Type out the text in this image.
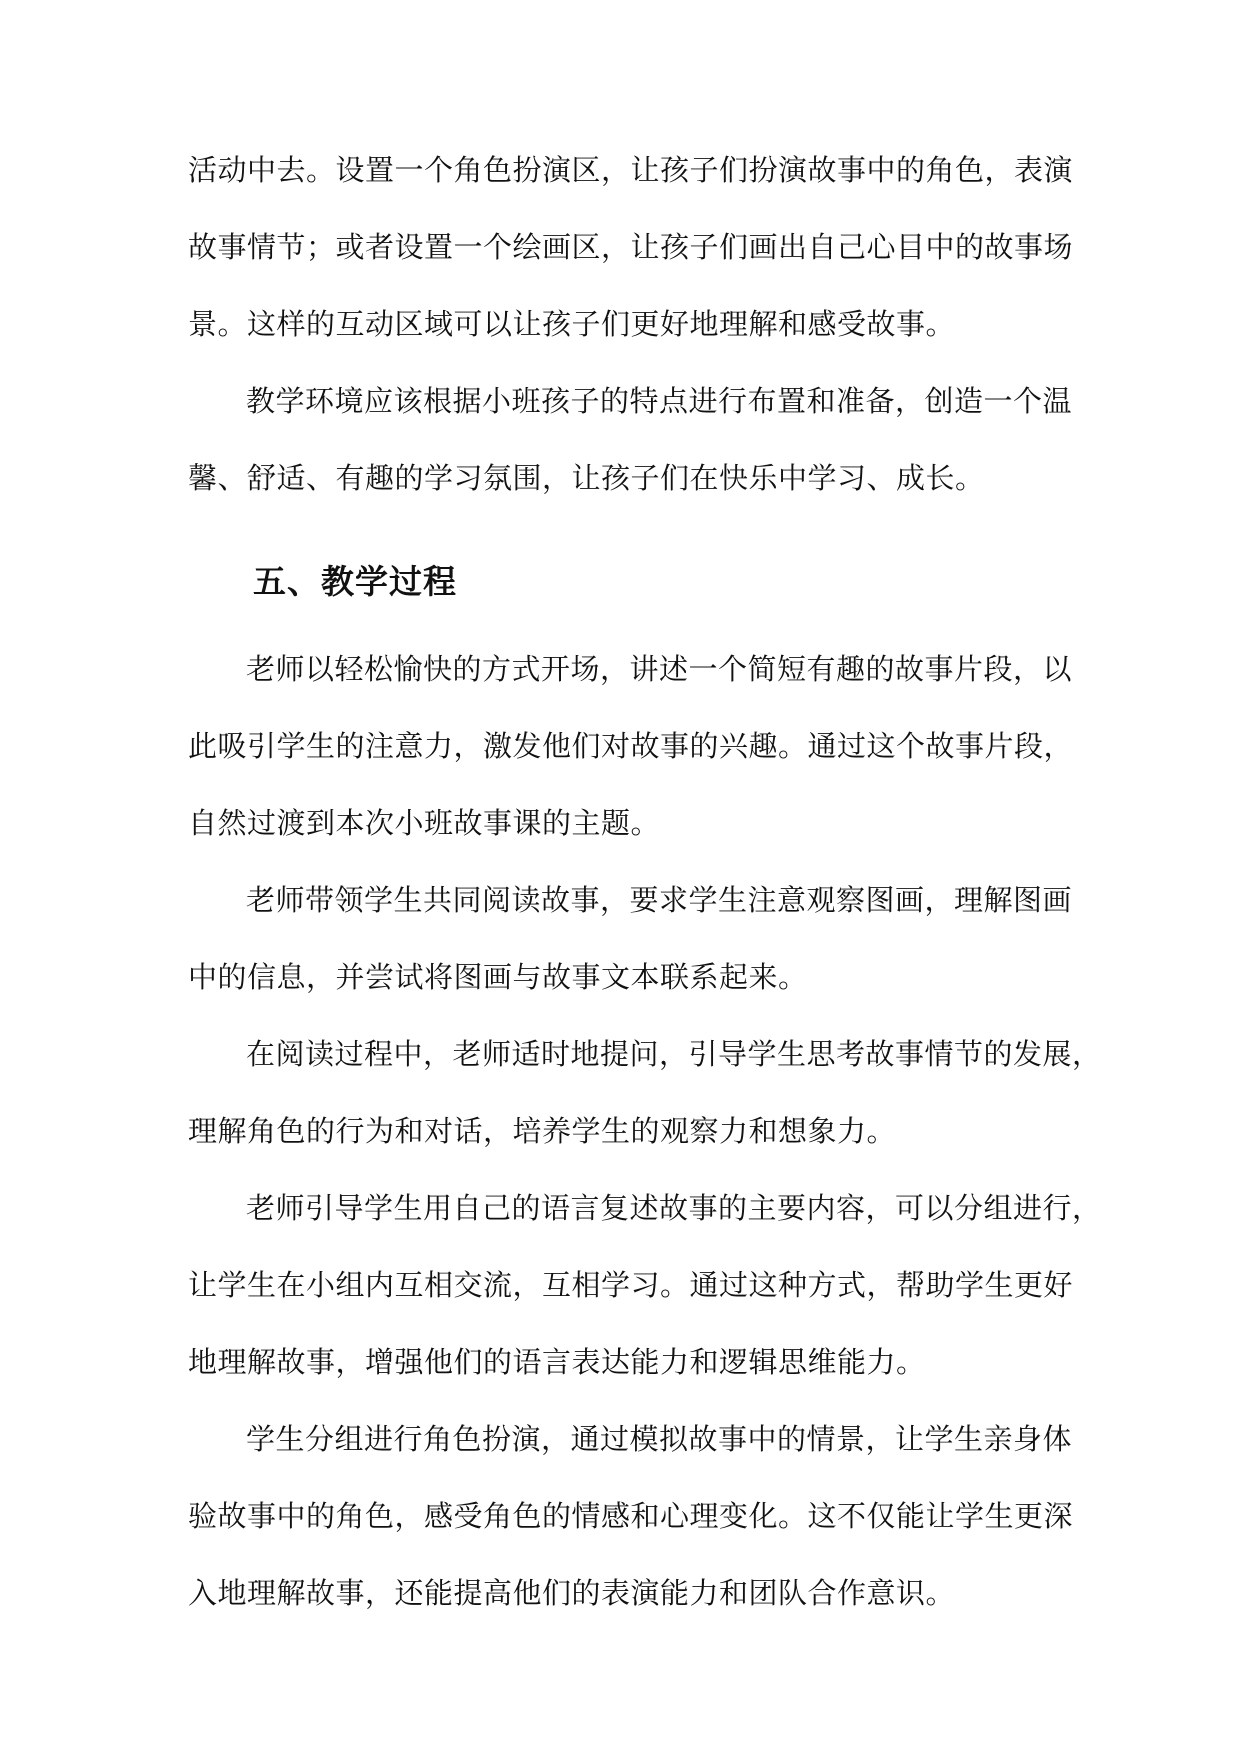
活动中去。设置一个角色扮演区，让孩子们扮演故事中的角色，表演
故事情节；或者设置一个绘画区，让孩子们画出自己心目中的故事场
景。这样的互动区域可以让孩子们更好地理解和感受故事。
教学环境应该根据小班孩子的特点进行布置和准备，创造一个温
馨、舒适、有趣的学习氛围，让孩子们在快乐中学习、成长。
五、教学过程
老师以轻松愉快的方式开场，讲述一个简短有趣的故事片段，以
此吸引学生的注意力，激发他们对故事的兴趣。通过这个故事片段，
自然过渡到本次小班故事课的主题。
老师带领学生共同阅读故事，要求学生注意观察图画，理解图画
中的信息，并尝试将图画与故事文本联系起来。
在阅读过程中，老师适时地提问，引导学生思考故事情节的发展，
理解角色的行为和对话，培养学生的观察力和想象力。
老师引导学生用自己的语言复述故事的主要内容，可以分组进行，
让学生在小组内互相交流，互相学习。通过这种方式，帮助学生更好
地理解故事，增强他们的语言表达能力和逻辑思维能力。
学生分组进行角色扮演，通过模拟故事中的情景，让学生亲身体
验故事中的角色，感受角色的情感和心理变化。这不仅能让学生更深
入地理解故事，还能提高他们的表演能力和团队合作意识。
